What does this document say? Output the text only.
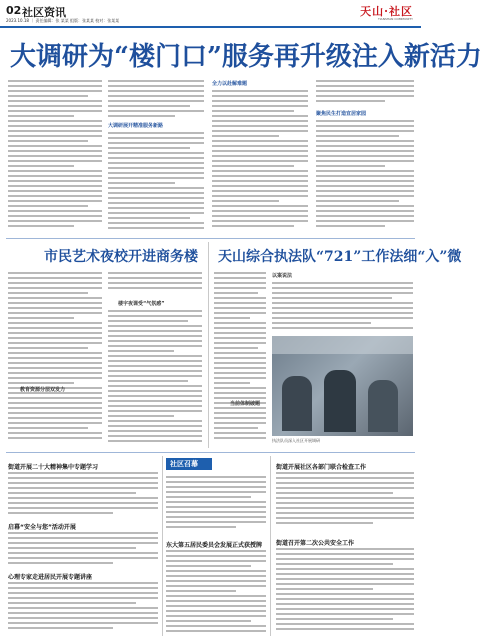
02 社区资讯
2023.10.18 ｜ 责任编辑：张 某某 组版：张某某 校对：张某某
天山·社区
TIANSHAN COMMUNITY
大调研为“楼门口”服务再升级注入新活力
大调研展开精准服务新路
全力以赴解难题
聚焦民生打造宜居家园
市民艺术夜校开进商务楼 天山综合执法队“721”工作法细“入”微
教育资源分层双发力
楼宇夜课受“气氛感”
以案说法
执法队员深入社区开展调研
当前体制破题
社区召幕
街道开展二十大精神集中专题学习
启幕“安全与您”活动开展
心理专家走进居民开展专题讲座
东大第五居民委员会发展正式获授牌
街道开展社区各部门联合检查工作
街道召开第二次公共安全工作
